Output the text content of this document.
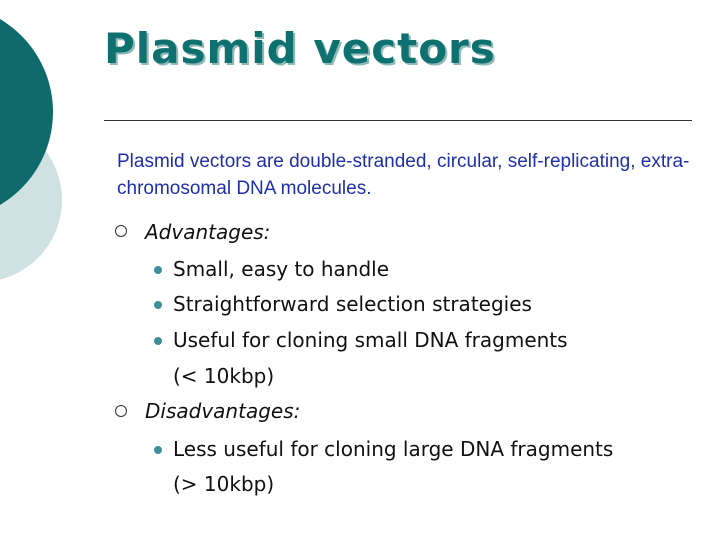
Plasmid vectors
Plasmid vectors are double-stranded, circular, self-replicating, extra-chromosomal DNA molecules.
Advantages:
Small, easy to handle
Straightforward selection strategies
Useful for cloning small DNA fragments
(< 10kbp)
Disadvantages:
Less useful for cloning large DNA fragments
(> 10kbp)
